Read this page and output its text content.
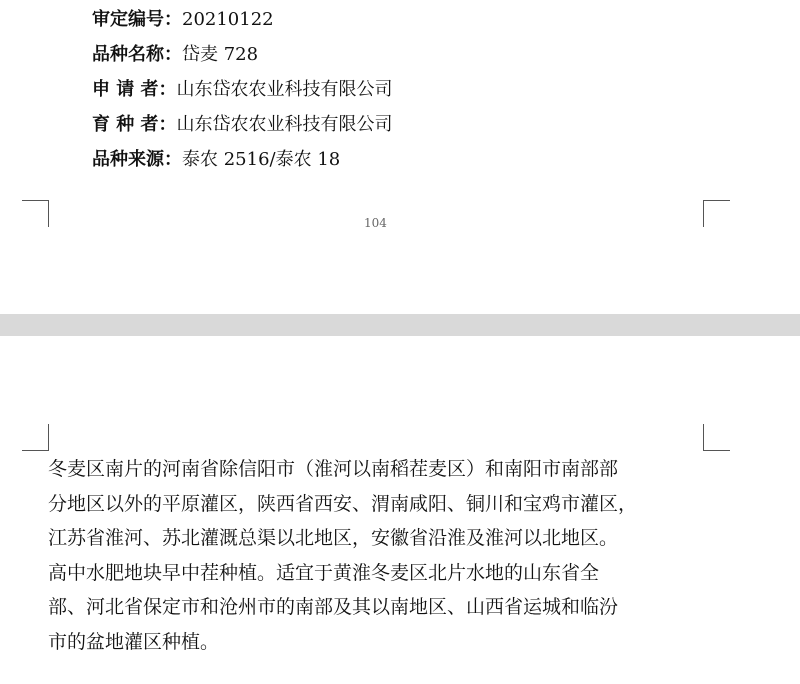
审定编号：20210122
品种名称：岱麦 728
申 请 者：山东岱农农业科技有限公司
育 种 者：山东岱农农业科技有限公司
品种来源：泰农 2516/泰农 18
104
冬麦区南片的河南省除信阳市（淮河以南稻茬麦区）和南阳市南部部
分地区以外的平原灌区，陕西省西安、渭南咸阳、铜川和宝鸡市灌区，
江苏省淮河、苏北灌溉总渠以北地区，安徽省沿淮及淮河以北地区。
高中水肥地块早中茬种植。适宜于黄淮冬麦区北片水地的山东省全
部、河北省保定市和沧州市的南部及其以南地区、山西省运城和临汾
市的盆地灌区种植。
